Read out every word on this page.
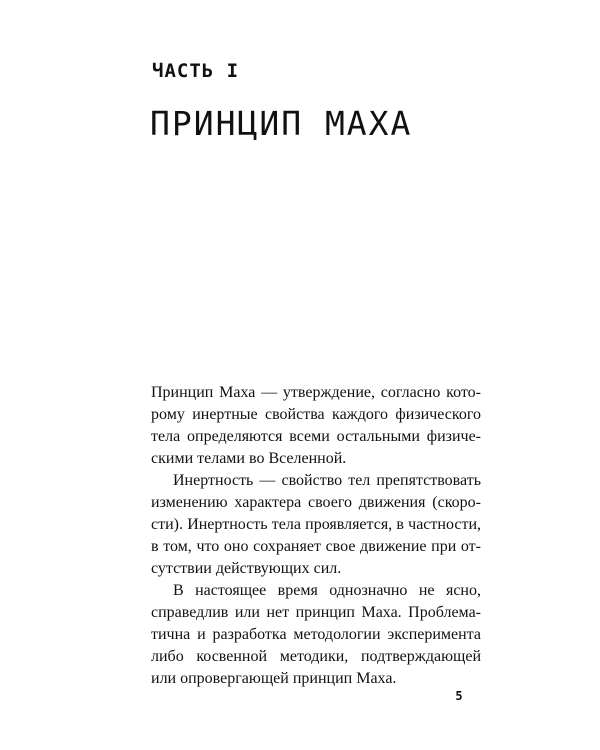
ЧАСТЬ I
ПРИНЦИП МАХА
Принцип Маха — утверждение, согласно кото-
рому инертные свойства каждого физического
тела определяются всеми остальными физиче-
скими телами во Вселенной.
Инертность — свойство тел препятствовать
изменению характера своего движения (скоро-
сти). Инертность тела проявляется, в частности,
в том, что оно сохраняет свое движение при от-
сутствии действующих сил.
В настоящее время однозначно не ясно,
справедлив или нет принцип Маха. Проблема-
тична и разработка методологии эксперимента
либо косвенной методики, подтверждающей
или опровергающей принцип Маха.
5
